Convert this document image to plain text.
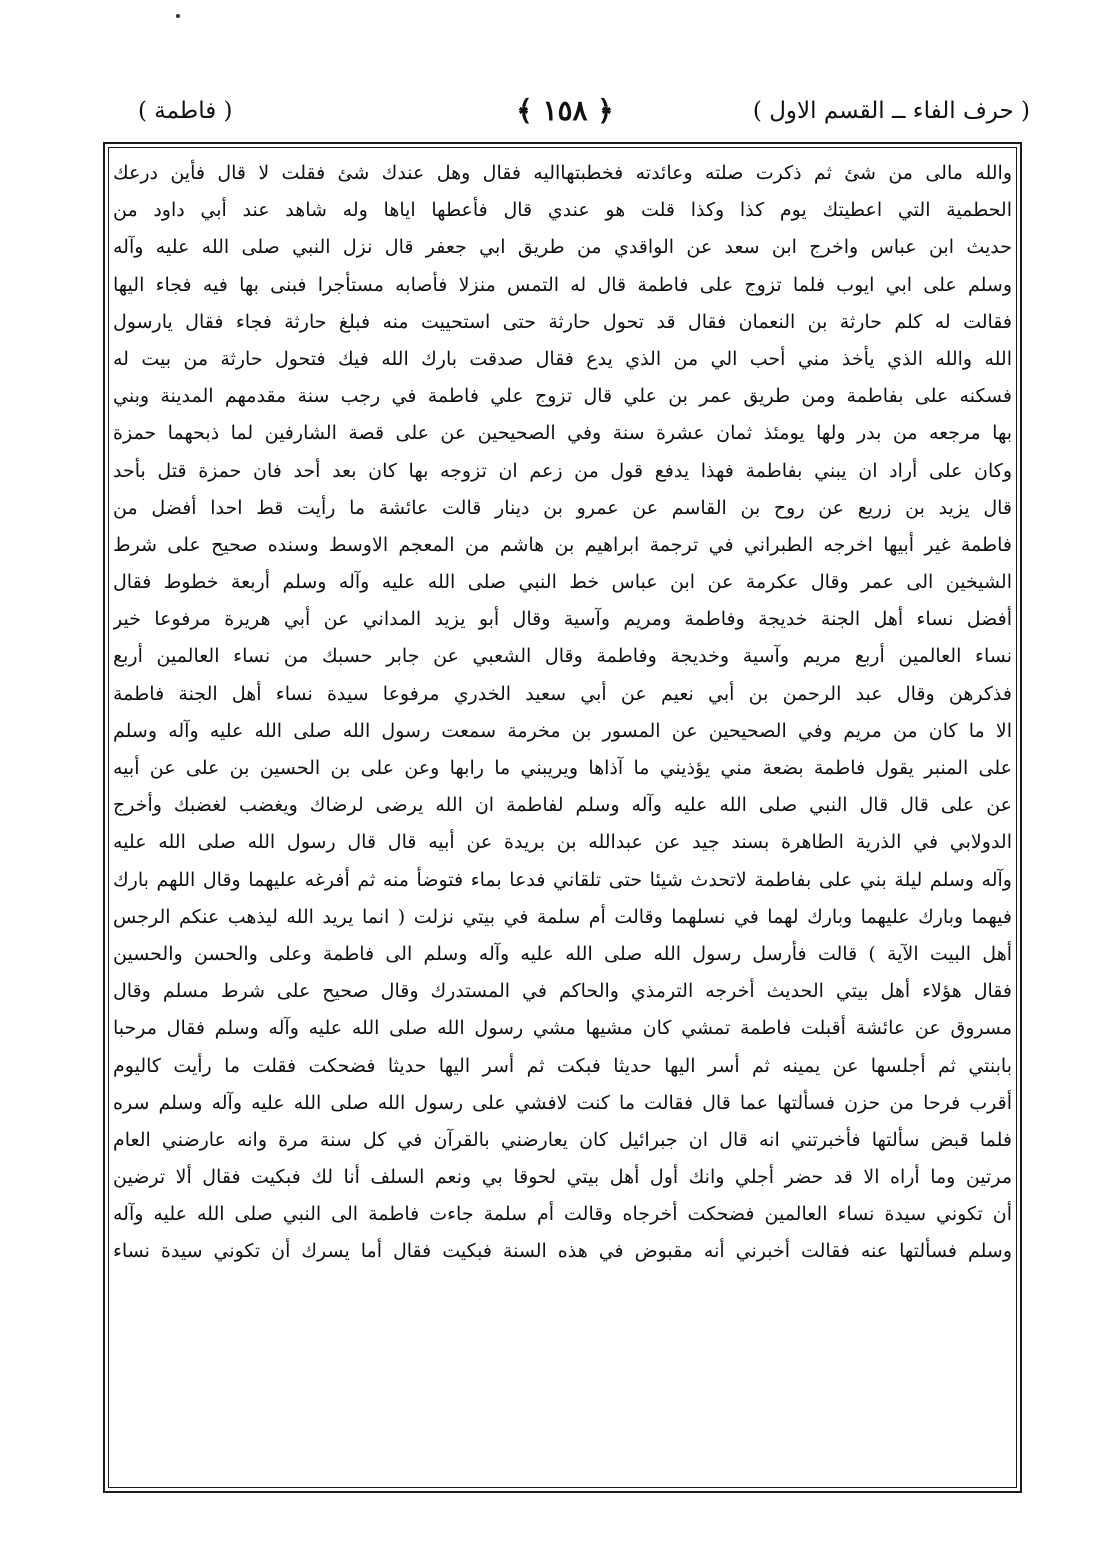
( حرف الفاء ــ القسم الاول )
﴿ ١٥٨ ﴾
( فاطمة )
والله مالى من شئ ثم ذكرت صلته وعائدته فخطبتهااليه فقال وهل عندك شئ فقلت لا قال فأين درعك
الحطمية التي اعطيتك يوم كذا وكذا قلت هو عندي قال فأعطها اياها وله شاهد عند أبي داود من
حديث ابن عباس واخرج ابن سعد عن الواقدي من طريق ابي جعفر قال نزل النبي صلى الله عليه وآله
وسلم على ابي ايوب فلما تزوج على فاطمة قال له التمس منزلا فأصابه مستأجرا فبنى بها فيه فجاء اليها
فقالت له كلم حارثة بن النعمان فقال قد تحول حارثة حتى استحييت منه فبلغ حارثة فجاء فقال يارسول
الله والله الذي يأخذ مني أحب الي من الذي يدع فقال صدقت بارك الله فيك فتحول حارثة من بيت له
فسكنه على بفاطمة ومن طريق عمر بن علي قال تزوج علي فاطمة في رجب سنة مقدمهم المدينة وبني
بها مرجعه من بدر ولها يومئذ ثمان عشرة سنة وفي الصحيحين عن على قصة الشارفين لما ذبحهما حمزة
وكان على أراد ان يبني بفاطمة فهذا يدفع قول من زعم ان تزوجه بها كان بعد أحد فان حمزة قتل بأحد
قال يزيد بن زريع عن روح بن القاسم عن عمرو بن دينار قالت عائشة ما رأيت قط احدا أفضل من
فاطمة غير أبيها اخرجه الطبراني في ترجمة ابراهيم بن هاشم من المعجم الاوسط وسنده صحيح على شرط
الشيخين الى عمر وقال عكرمة عن ابن عباس خط النبي صلى الله عليه وآله وسلم أربعة خطوط فقال
أفضل نساء أهل الجنة خديجة وفاطمة ومريم وآسية وقال أبو يزيد المداني عن أبي هريرة مرفوعا خير
نساء العالمين أربع مريم وآسية وخديجة وفاطمة وقال الشعبي عن جابر حسبك من نساء العالمين أربع
فذكرهن وقال عبد الرحمن بن أبي نعيم عن أبي سعيد الخدري مرفوعا سيدة نساء أهل الجنة فاطمة
الا ما كان من مريم وفي الصحيحين عن المسور بن مخرمة سمعت رسول الله صلى الله عليه وآله وسلم
على المنبر يقول فاطمة بضعة مني يؤذيني ما آذاها ويريبني ما رابها وعن على بن الحسين بن على عن أبيه
عن على قال قال النبي صلى الله عليه وآله وسلم لفاطمة ان الله يرضى لرضاك ويغضب لغضبك وأخرج
الدولابي في الذرية الطاهرة بسند جيد عن عبدالله بن بريدة عن أبيه قال قال رسول الله صلى الله عليه
وآله وسلم ليلة بني على بفاطمة لاتحدث شيئا حتى تلقاني فدعا بماء فتوضأ منه ثم أفرغه عليهما وقال اللهم بارك
فيهما وبارك عليهما وبارك لهما في نسلهما وقالت أم سلمة في بيتي نزلت ( انما يريد الله ليذهب عنكم الرجس
أهل البيت الآية ) قالت فأرسل رسول الله صلى الله عليه وآله وسلم الى فاطمة وعلى والحسن والحسين
فقال هؤلاء أهل بيتي الحديث أخرجه الترمذي والحاكم في المستدرك وقال صحيح على شرط مسلم وقال
مسروق عن عائشة أقبلت فاطمة تمشي كان مشيها مشي رسول الله صلى الله عليه وآله وسلم فقال مرحبا
بابنتي ثم أجلسها عن يمينه ثم أسر اليها حديثا فبكت ثم أسر اليها حديثا فضحكت فقلت ما رأيت كاليوم
أقرب فرحا من حزن فسألتها عما قال فقالت ما كنت لافشي على رسول الله صلى الله عليه وآله وسلم سره
فلما قبض سألتها فأخبرتني انه قال ان جبرائيل كان يعارضني بالقرآن في كل سنة مرة وانه عارضني العام
مرتين وما أراه الا قد حضر أجلي وانك أول أهل بيتي لحوقا بي ونعم السلف أنا لك فبكيت فقال ألا ترضين
أن تكوني سيدة نساء العالمين فضحكت أخرجاه وقالت أم سلمة جاءت فاطمة الى النبي صلى الله عليه وآله
وسلم فسألتها عنه فقالت أخبرني أنه مقبوض في هذه السنة فبكيت فقال أما يسرك أن تكوني سيدة نساء
